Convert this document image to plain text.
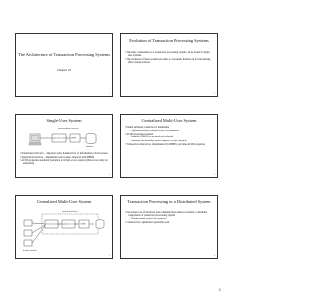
The Architecture of Transaction Processing Systems
Chapter 23
1
Evolution of Transaction Processing Systems
• The basic components of a transaction processing system can be found in single user systems.
• The evolution of these systems provides a convenient framework for introducing their various features.
2
Single-User System
presentation services
application services DBMS
database
• Presentation Services – displays forms, handles flow of information to/from screen
• Application Services – implements user request, interacts with DBMS
• ACID properties automatic (isolation is trivial) or not required (this is not really an enterprise)
3
Centralized Multi-User System
• Dumb terminals connected to mainframe
– Application and presentation services on mainframe
• ACID properties required
– Isolation: DBMS sees an interleaved schedule
– Atomicity and durability: system supports a major enterprise
• Transaction abstraction, implemented by DBMS, provides ACID properties
4
Centralized Multi-User System
central machine
presentation services application services DBMS
dumb terminals
5
Transaction Processing in a Distributed System
• Decreased cost of hardware and communication make it possible to distribute components of transaction processing system
– Dumb terminal replaced by computers
• Client/server organization generally used
6
1
